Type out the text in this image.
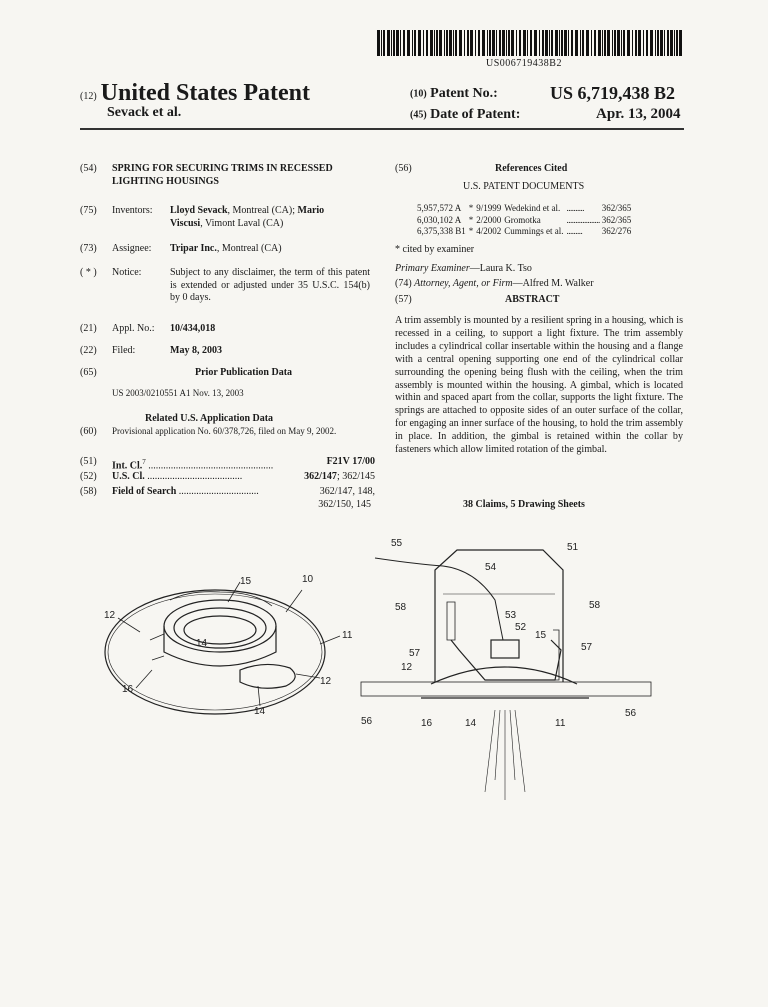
US006719438B2
(12) United States Patent
Sevack et al.
(10) Patent No.:	US 6,719,438 B2
(45) Date of Patent:	Apr. 13, 2004
(54) SPRING FOR SECURING TRIMS IN RECESSED LIGHTING HOUSINGS
(75) Inventors: Lloyd Sevack, Montreal (CA); Mario
Viscusi, Vimont Laval (CA)
(73) Assignee: Tripar Inc., Montreal (CA)
( * ) Notice:	Subject to any disclaimer, the term of this patent is extended or adjusted under 35 U.S.C. 154(b) by 0 days.
(21) Appl. No.: 10/434,018
(22) Filed:	May 8, 2003
(65)	Prior Publication Data
US 2003/0210551 A1 Nov. 13, 2003
Related U.S. Application Data
(60) Provisional application No. 60/378,726, filed on May 9, 2002.
(51) Int. Cl.$^7$ ..................................................	F21V 17/00
(52) U.S. Cl. ......................................	362/147; 362/145
(58) Field of Search ................................	362/147, 148,
362/150, 145
(56)	References Cited
U.S. PATENT DOCUMENTS
5,957,572 A	*	9/1999	Wedekind et al.	..........	362/365
6,030,102 A	*	2/2000	Gromotka	...................	362/365
6,375,338 B1	*	4/2002	Cummings et al.	.........	362/276
* cited by examiner
Primary Examiner—Laura K. Tso
(74) Attorney, Agent, or Firm—Alfred M. Walker
(57)	ABSTRACT
A trim assembly is mounted by a resilient spring in a housing, which is recessed in a ceiling, to support a light fixture. The trim assembly includes a cylindrical collar insertable within the housing and a flange with a central opening supporting one end of the cylindrical collar surrounding the opening being flush with the ceiling, when the trim assembly is mounted within the housing. A gimbal, which is located within and spaced apart from the collar, supports the light fixture. The springs are attached to opposite sides of an outer surface of the collar, for engaging an inner surface of the housing, to hold the trim assembly in place. In addition, the gimbal is retained within the collar by fasteners which allow limited rotation of the gimbal.
38 Claims, 5 Drawing Sheets
15	10
12
11
14
12
16
14
55	51
54
58	58
53
52
15
57
57
12
56
56
16	14	11
